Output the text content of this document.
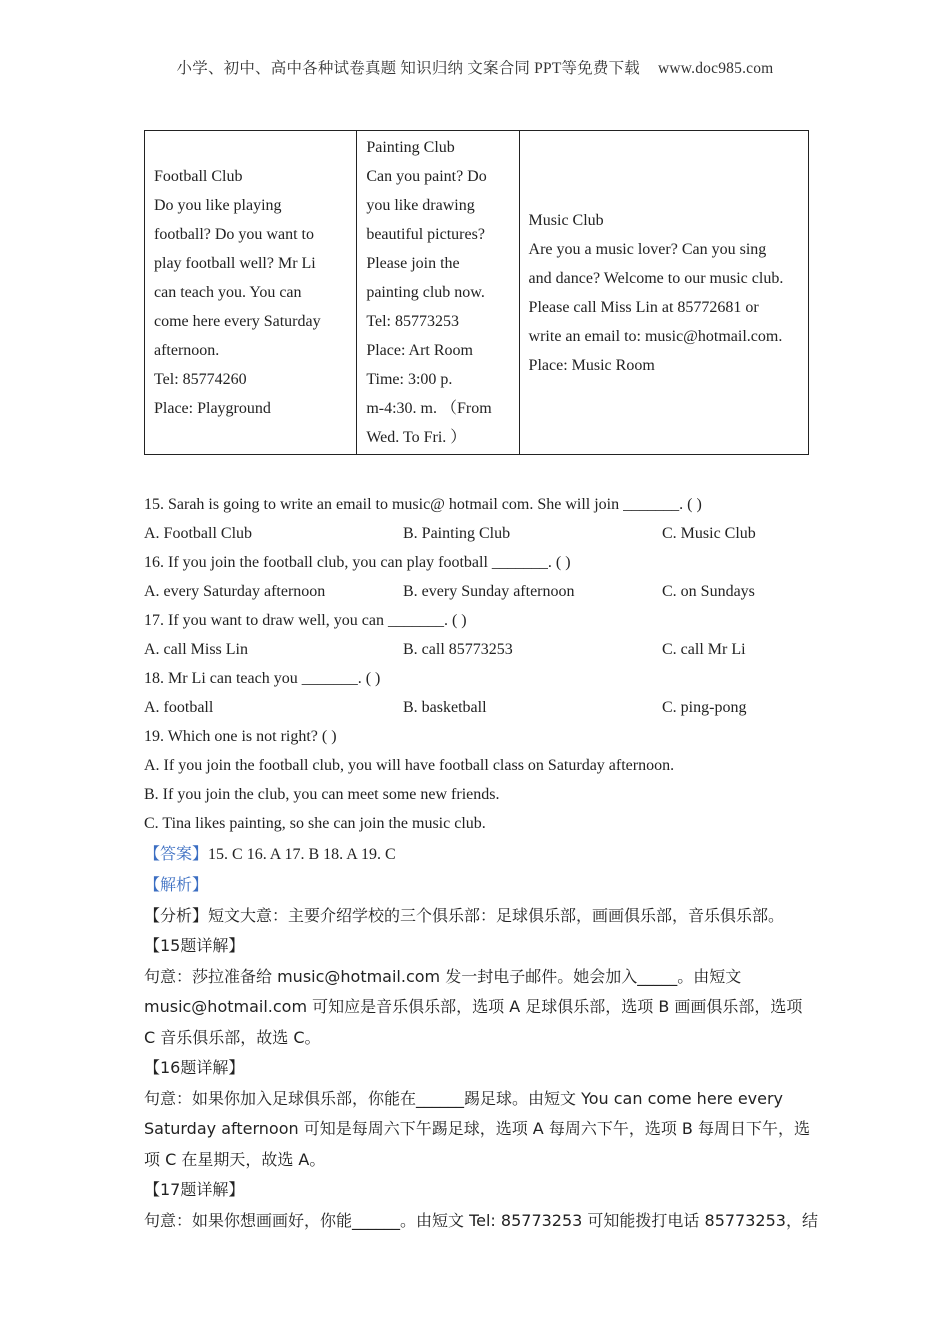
小学、初中、高中各种试卷真题 知识归纳 文案合同 PPT等免费下载 www.doc985.com
Football Club
Do you like playing
football? Do you want to
play football well? Mr Li
can teach you. You can
come here every Saturday
afternoon.
Tel: 85774260
Place: Playground

Painting Club
Can you paint? Do
you like drawing
beautiful pictures?
Please join the
painting club now.
Tel: 85773253
Place: Art Room
Time: 3:00 p.
m-4:30. m. （From
Wed. To Fri. ）

Music Club
Are you a music lover? Can you sing
and dance? Welcome to our music club.
Please call Miss Lin at 85772681 or
write an email to: music@hotmail.com.
Place: Music Room
15. Sarah is going to write an email to music@ hotmail com. She will join _______. ( )
A. Football Club	B. Painting Club	C. Music Club
16. If you join the football club, you can play football _______. ( )
A. every Saturday afternoon	B. every Sunday afternoon	C. on Sundays
17. If you want to draw well, you can _______. ( )
A. call Miss Lin	B. call 85773253	C. call Mr Li
18. Mr Li can teach you _______. ( )
A. football	B. basketball	C. ping-pong
19. Which one is not right? ( )
A. If you join the football club, you will have football class on Saturday afternoon.
B. If you join the club, you can meet some new friends.
C. Tina likes painting, so she can join the music club.
【答案】15. C 16. A 17. B 18. A 19. C
【解析】
【分析】短文大意：主要介绍学校的三个俱乐部：足球俱乐部，画画俱乐部，音乐俱乐部。
【15题详解】
句意：莎拉准备给 music@hotmail.com 发一封电子邮件。她会加入_____。由短文
music@hotmail.com 可知应是音乐俱乐部，选项 A 足球俱乐部，选项 B 画画俱乐部，选项
C 音乐俱乐部，故选 C。
【16题详解】
句意：如果你加入足球俱乐部，你能在______踢足球。由短文 You can come here every
Saturday afternoon 可知是每周六下午踢足球，选项 A 每周六下午，选项 B 每周日下午，选
项 C 在星期天，故选 A。
【17题详解】
句意：如果你想画画好，你能______。由短文 Tel: 85773253 可知能拨打电话 85773253，结
